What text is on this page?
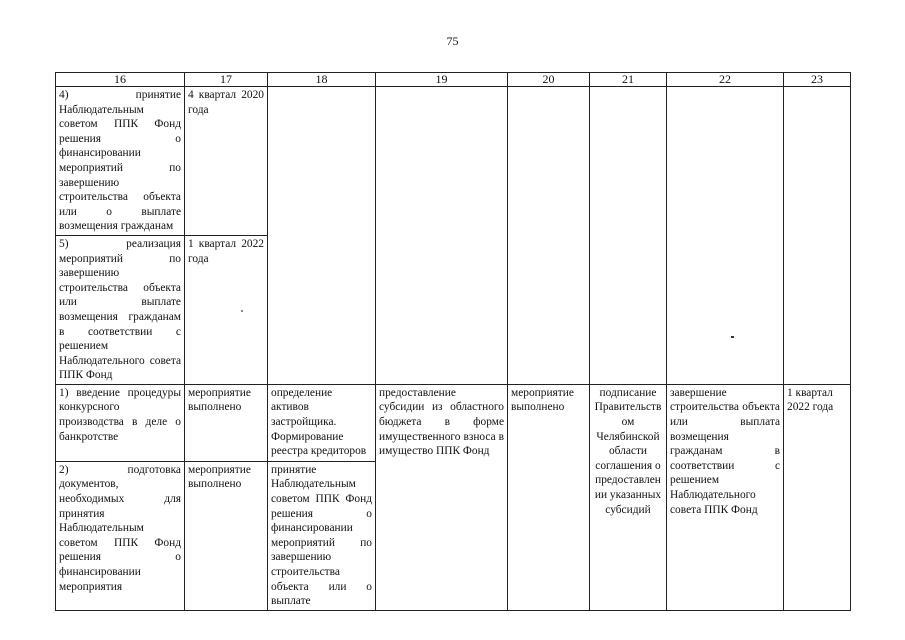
75
16	17	18	19	20	21	22	23
4) принятие Наблюдательным советом ППК Фонд решения о финансировании мероприятий по завершению строительства объекта или о выплате возмещения гражданам	4 квартал 2020 года						
5) реализация мероприятий по завершению строительства объекта или выплате возмещения гражданам в соответствии с решением Наблюдательного совета ППК Фонд	1 квартал 2022 года						
1) введение процедуры конкурсного производства в деле о банкротстве	мероприятие выполнено	определение активов застройщика. Формирование реестра кредиторов	предоставление субсидии из областного бюджета в форме имущественного взноса в имущество ППК Фонд	мероприятие выполнено	подписание Правительством Челябинской области соглашения о предоставлении указанных субсидий	завершение строительства объекта или выплата возмещения гражданам в соответствии с решением Наблюдательного совета ППК Фонд	1 квартал 2022 года
2) подготовка документов, необходимых для принятия Наблюдательным советом ППК Фонд решения о финансировании мероприятия	мероприятие выполнено	принятие Наблюдательным советом ППК Фонд решения о финансировании мероприятий по завершению строительства объекта или о выплате					
